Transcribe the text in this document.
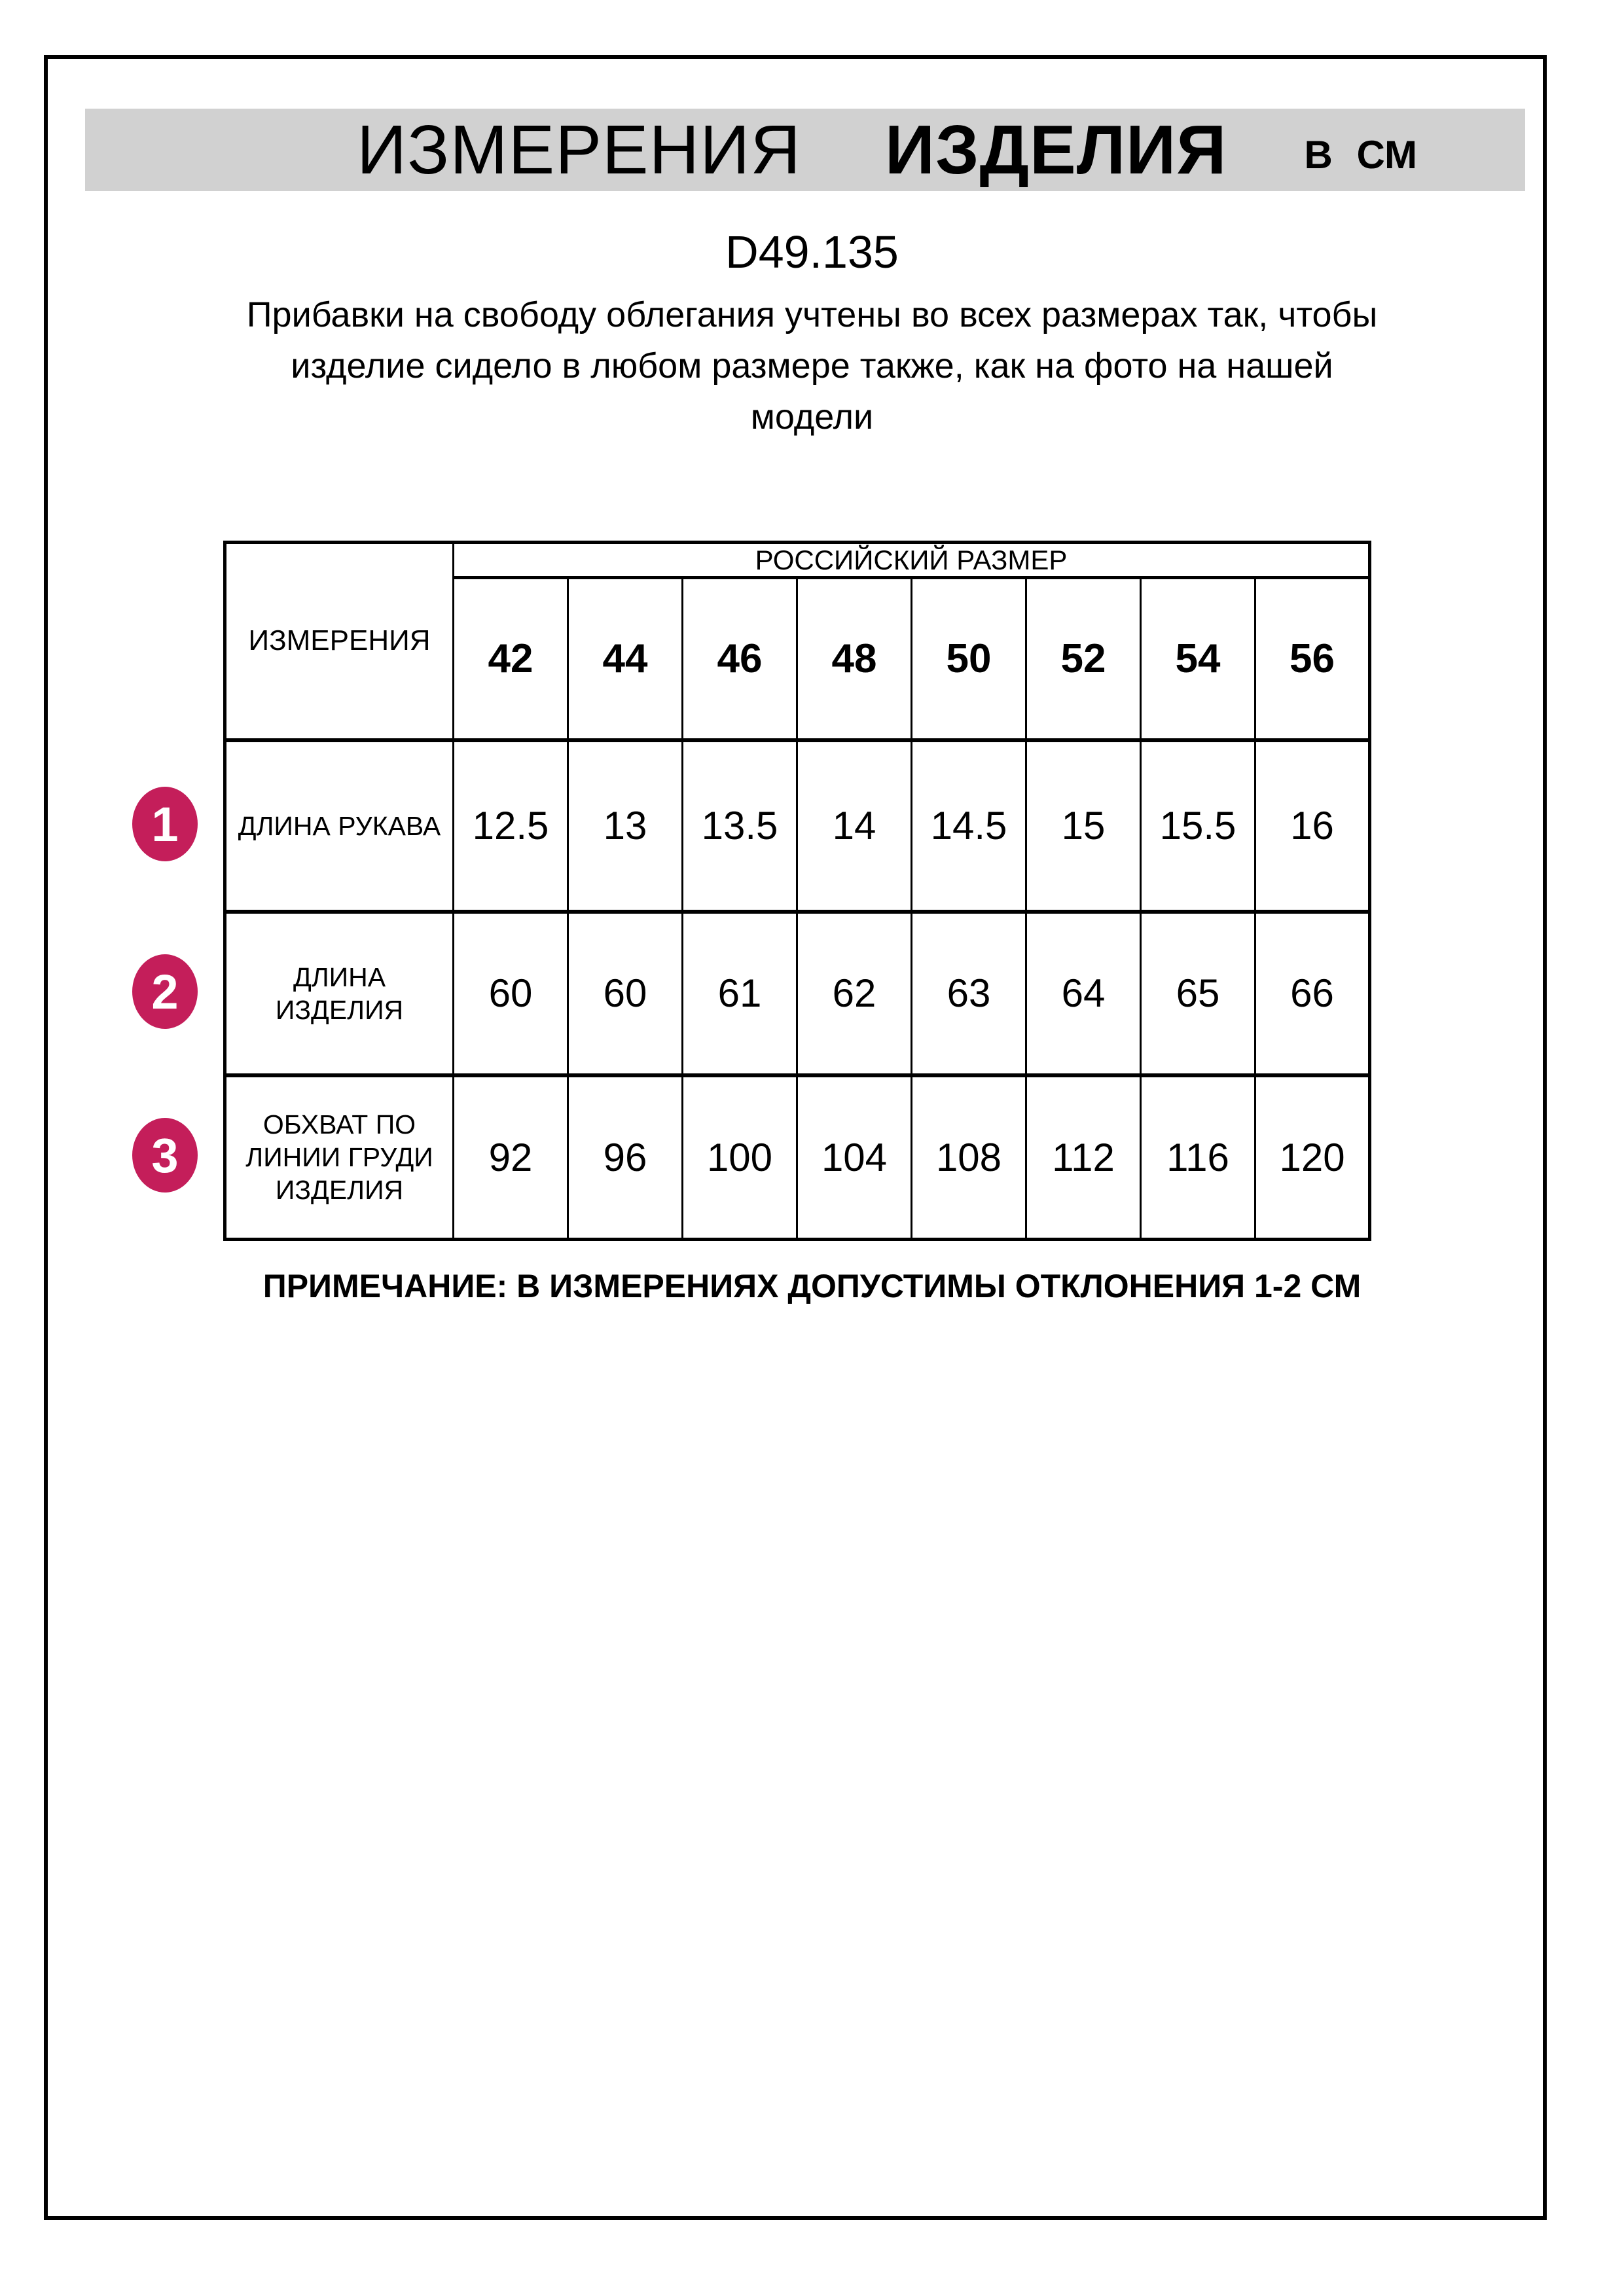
ИЗМЕРЕНИЯ ИЗДЕЛИЯ В СМ
D49.135
Прибавки на свободу облегания учтены во всех размерах так, чтобы
изделие сидело в любом размере также, как на фото на нашей
модели
ИЗМЕРЕНИЯ	РОССИЙСКИЙ РАЗМЕР							
	42	44	46	48	50	52	54	56

ДЛИНА РУКАВА	12.5	13	13.5	14	14.5	15	15.5	16

ДЛИНА
ИЗДЕЛИЯ	60	60	61	62	63	64	65	66

ОБХВАТ ПО
ЛИНИИ ГРУДИ
ИЗДЕЛИЯ	92	96	100	104	108	112	116	120
1
2
3
ПРИМЕЧАНИЕ: В ИЗМЕРЕНИЯХ ДОПУСТИМЫ ОТКЛОНЕНИЯ 1-2 СМ
